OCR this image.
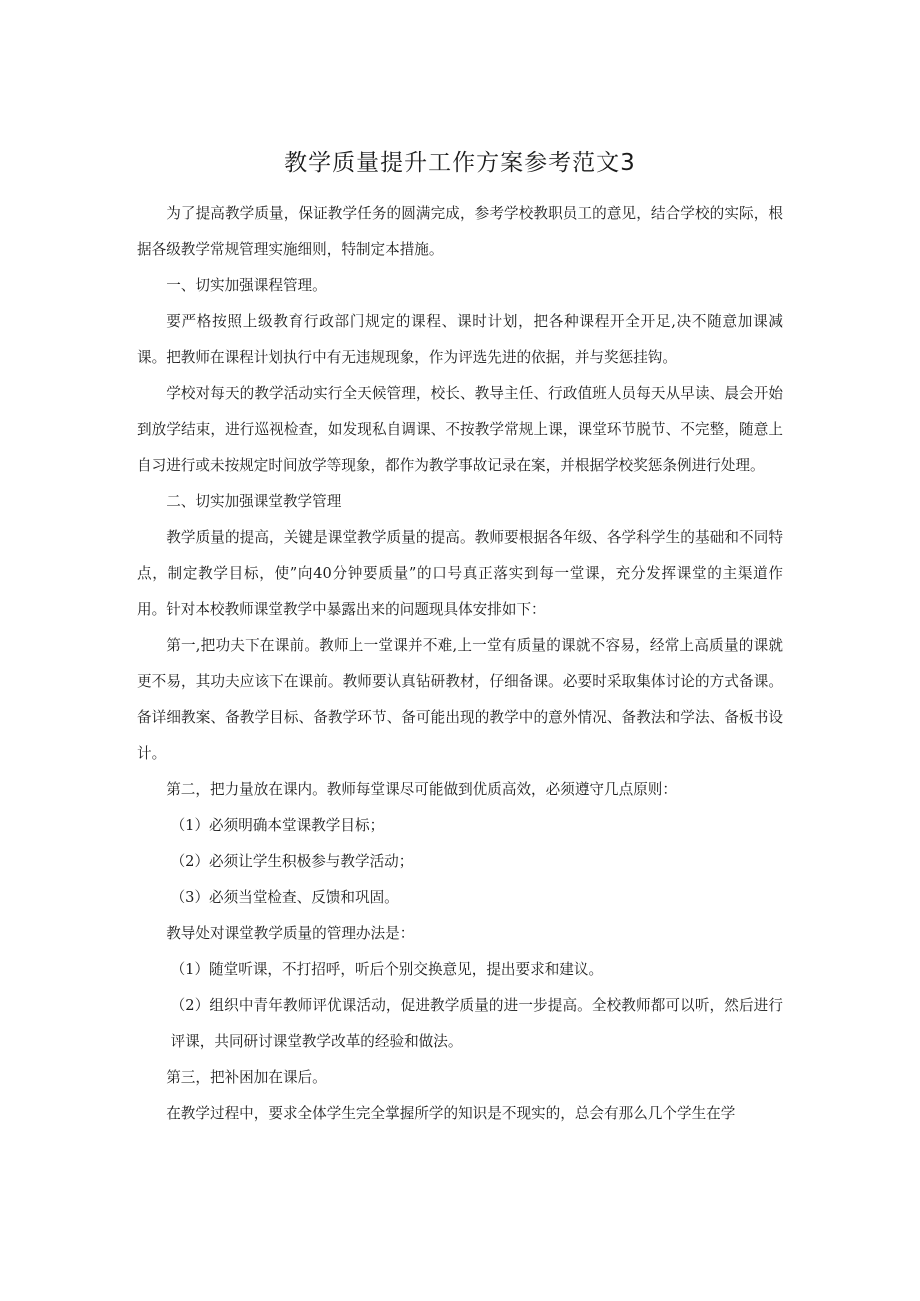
教学质量提升工作方案参考范文3

为了提高教学质量，保证教学任务的圆满完成，参考学校教职员工的意见，结合学校的实际，根据各级教学常规管理实施细则，特制定本措施。

一、切实加强课程管理。

要严格按照上级教育行政部门规定的课程、课时计划，把各种课程开全开足,决不随意加课减课。把教师在课程计划执行中有无违规现象，作为评选先进的依据，并与奖惩挂钩。

学校对每天的教学活动实行全天候管理，校长、教导主任、行政值班人员每天从早读、晨会开始到放学结束，进行巡视检查，如发现私自调课、不按教学常规上课，课堂环节脱节、不完整，随意上自习进行或未按规定时间放学等现象，都作为教学事故记录在案，并根据学校奖惩条例进行处理。

二、切实加强课堂教学管理

教学质量的提高，关键是课堂教学质量的提高。教师要根据各年级、各学科学生的基础和不同特点，制定教学目标，使”向40分钟要质量”的口号真正落实到每一堂课，充分发挥课堂的主渠道作用。针对本校教师课堂教学中暴露出来的问题现具体安排如下：

第一,把功夫下在课前。教师上一堂课并不难,上一堂有质量的课就不容易，经常上高质量的课就更不易，其功夫应该下在课前。教师要认真钻研教材，仔细备课。必要时采取集体讨论的方式备课。备详细教案、备教学目标、备教学环节、备可能出现的教学中的意外情况、备教法和学法、备板书设计。

第二，把力量放在课内。教师每堂课尽可能做到优质高效，必须遵守几点原则：

（1）必须明确本堂课教学目标；

（2）必须让学生积极参与教学活动；

（3）必须当堂检查、反馈和巩固。

教导处对课堂教学质量的管理办法是：

（1）随堂听课，不打招呼，听后个别交换意见，提出要求和建议。

（2）组织中青年教师评优课活动，促进教学质量的进一步提高。全校教师都可以听，然后进行评课，共同研讨课堂教学改革的经验和做法。

第三，把补困加在课后。

在教学过程中，要求全体学生完全掌握所学的知识是不现实的，总会有那么几个学生在学
